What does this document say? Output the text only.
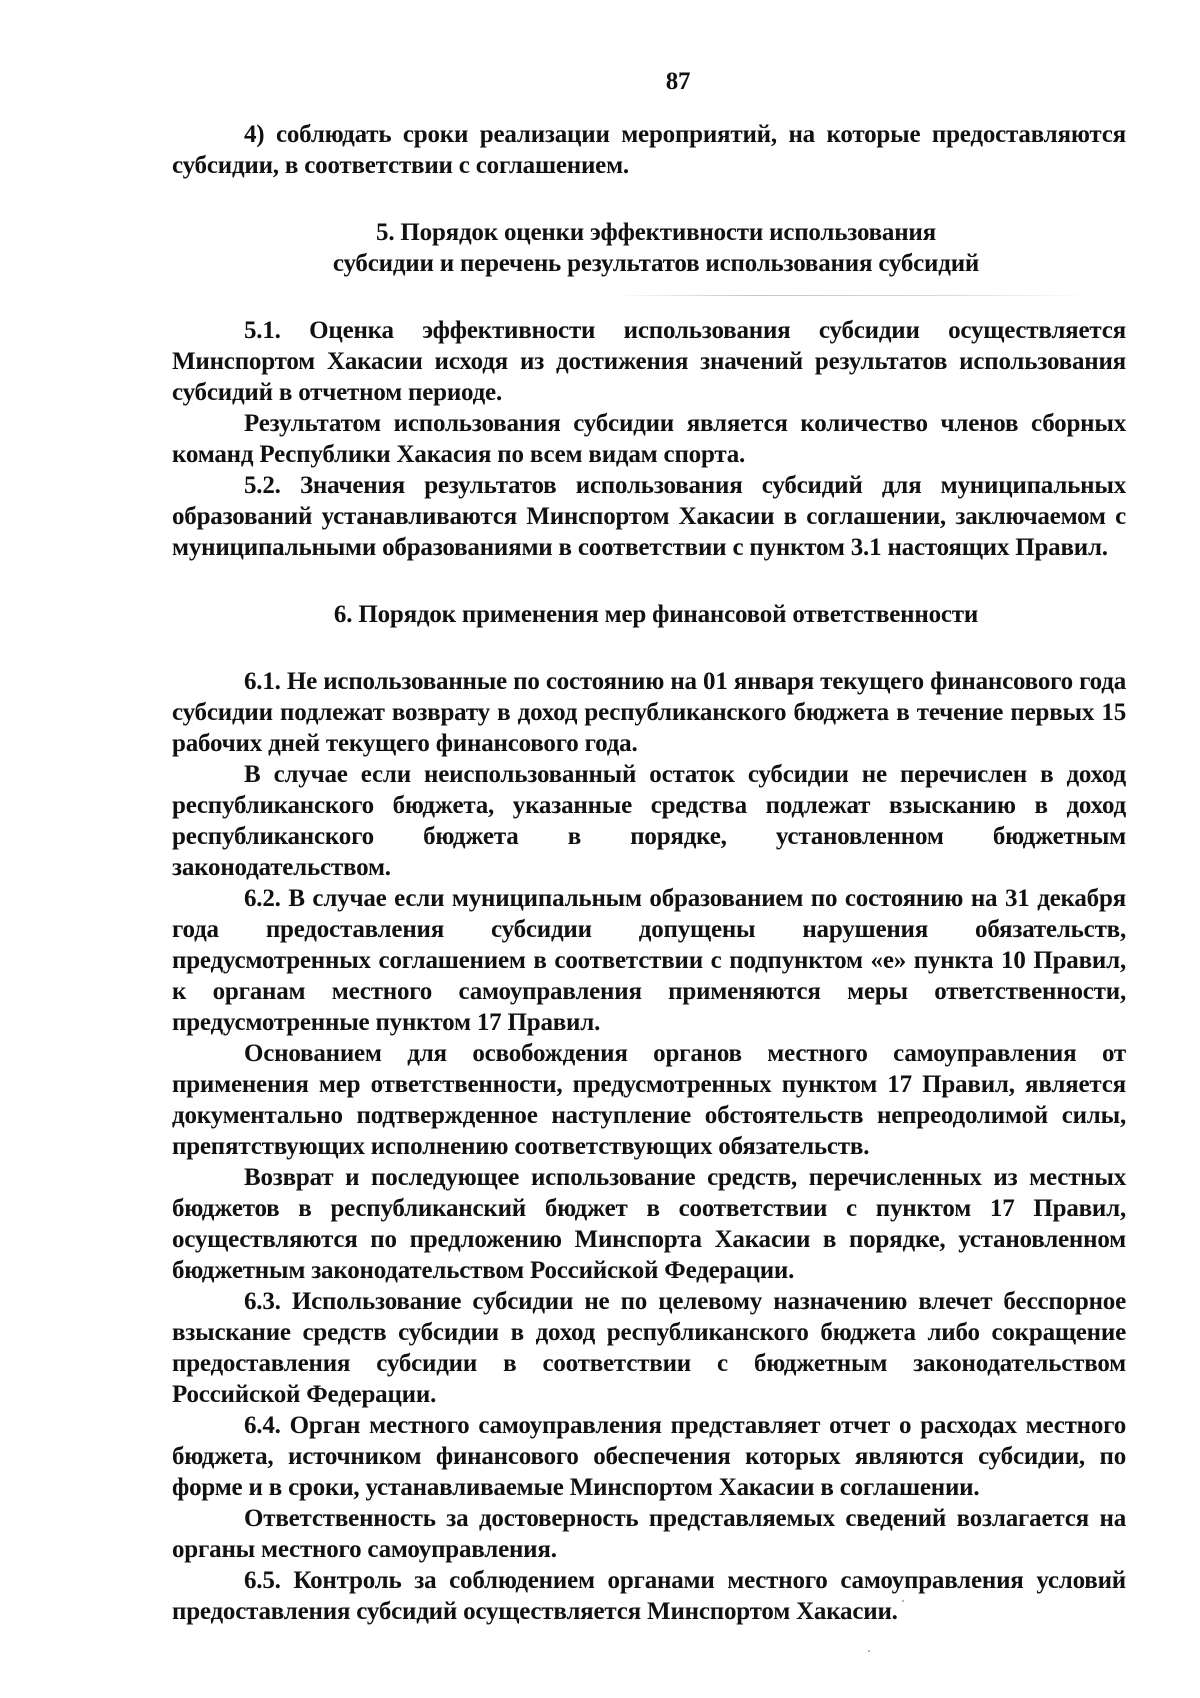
87

4) соблюдать сроки реализации мероприятий, на которые предоставляются субсидии, в соответствии с соглашением.

5. Порядок оценки эффективности использования
субсидии и перечень результатов использования субсидий

5.1. Оценка эффективности использования субсидии осуществляется Минспортом Хакасии исходя из достижения значений результатов использования субсидий в отчетном периоде.

Результатом использования субсидии является количество членов сборных команд Республики Хакасия по всем видам спорта.

5.2. Значения результатов использования субсидий для муниципальных образований устанавливаются Минспортом Хакасии в соглашении, заключаемом с муниципальными образованиями в соответствии с пунктом 3.1 настоящих Правил.

6. Порядок применения мер финансовой ответственности

6.1. Не использованные по состоянию на 01 января текущего финансового года субсидии подлежат возврату в доход республиканского бюджета в течение первых 15 рабочих дней текущего финансового года.

В случае если неиспользованный остаток субсидии не перечислен в доход республиканского бюджета, указанные средства подлежат взысканию в доход республиканского бюджета в порядке, установленном бюджетным законодательством.

6.2. В случае если муниципальным образованием по состоянию на 31 декабря года предоставления субсидии допущены нарушения обязательств, предусмотренных соглашением в соответствии с подпунктом «е» пункта 10 Правил, к органам местного самоуправления применяются меры ответственности, предусмотренные пунктом 17 Правил.

Основанием для освобождения органов местного самоуправления от применения мер ответственности, предусмотренных пунктом 17 Правил, является документально подтвержденное наступление обстоятельств непреодолимой силы, препятствующих исполнению соответствующих обязательств.

Возврат и последующее использование средств, перечисленных из местных бюджетов в республиканский бюджет в соответствии с пунктом 17 Правил, осуществляются по предложению Минспорта Хакасии в порядке, установленном бюджетным законодательством Российской Федерации.

6.3. Использование субсидии не по целевому назначению влечет бесспорное взыскание средств субсидии в доход республиканского бюджета либо сокращение предоставления субсидии в соответствии с бюджетным законодательством Российской Федерации.

6.4. Орган местного самоуправления представляет отчет о расходах местного бюджета, источником финансового обеспечения которых являются субсидии, по форме и в сроки, устанавливаемые Минспортом Хакасии в соглашении.

Ответственность за достоверность представляемых сведений возлагается на органы местного самоуправления.

6.5. Контроль за соблюдением органами местного самоуправления условий предоставления субсидий осуществляется Минспортом Хакасии.
